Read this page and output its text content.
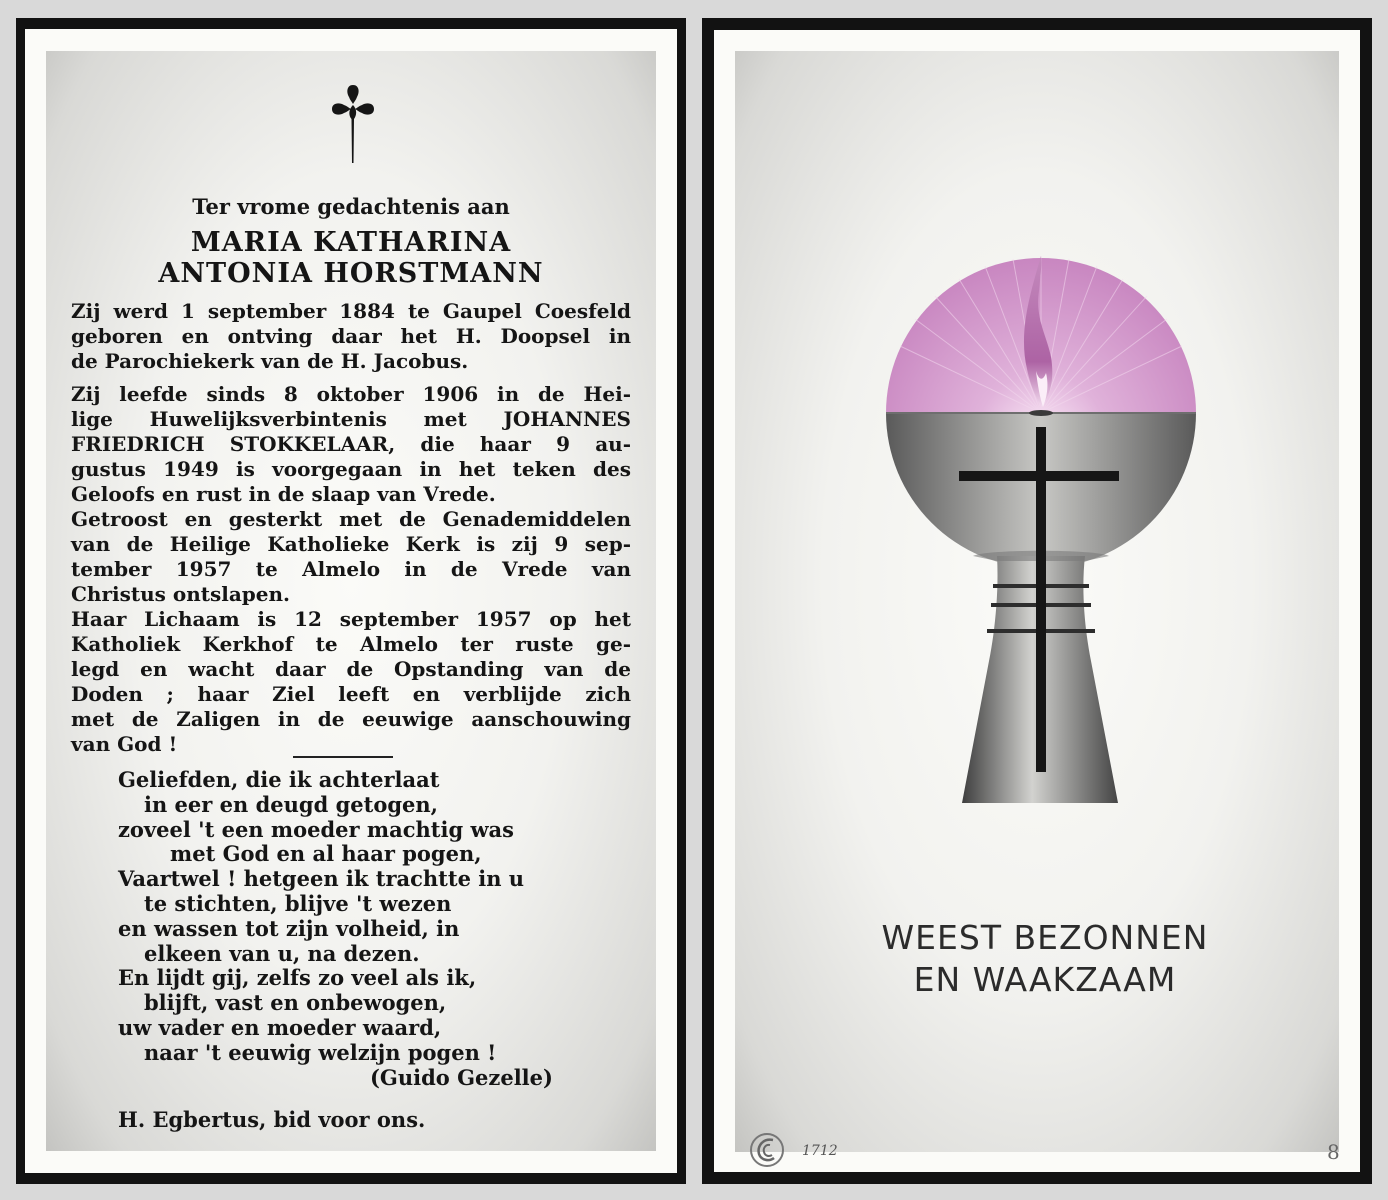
Ter vrome gedachtenis aan
MARIA KATHARINA
ANTONIA HORSTMANN
Zij werd 1 september 1884 te Gaupel Coesfeld
geboren en ontving daar het H. Doopsel in
de Parochiekerk van de H. Jacobus.
Zij leefde sinds 8 oktober 1906 in de Hei-
lige Huwelijksverbintenis met JOHANNES
FRIEDRICH STOKKELAAR, die haar 9 au-
gustus 1949 is voorgegaan in het teken des
Geloofs en rust in de slaap van Vrede.
Getroost en gesterkt met de Genademiddelen
van de Heilige Katholieke Kerk is zij 9 sep-
tember 1957 te Almelo in de Vrede van
Christus ontslapen.
Haar Lichaam is 12 september 1957 op het
Katholiek Kerkhof te Almelo ter ruste ge-
legd en wacht daar de Opstanding van de
Doden ; haar Ziel leeft en verblijde zich
met de Zaligen in de eeuwige aanschouwing
van God !
Geliefden, die ik achterlaat
in eer en deugd getogen,
zoveel 't een moeder machtig was
met God en al haar pogen,
Vaartwel ! hetgeen ik trachtte in u
te stichten, blijve 't wezen
en wassen tot zijn volheid, in
elkeen van u, na dezen.
En lijdt gij, zelfs zo veel als ik,
blijft, vast en onbewogen,
uw vader en moeder waard,
naar 't eeuwig welzijn pogen !
(Guido Gezelle)
H. Egbertus, bid voor ons.
WEEST BEZONNEN
EN WAAKZAAM
1712	8
